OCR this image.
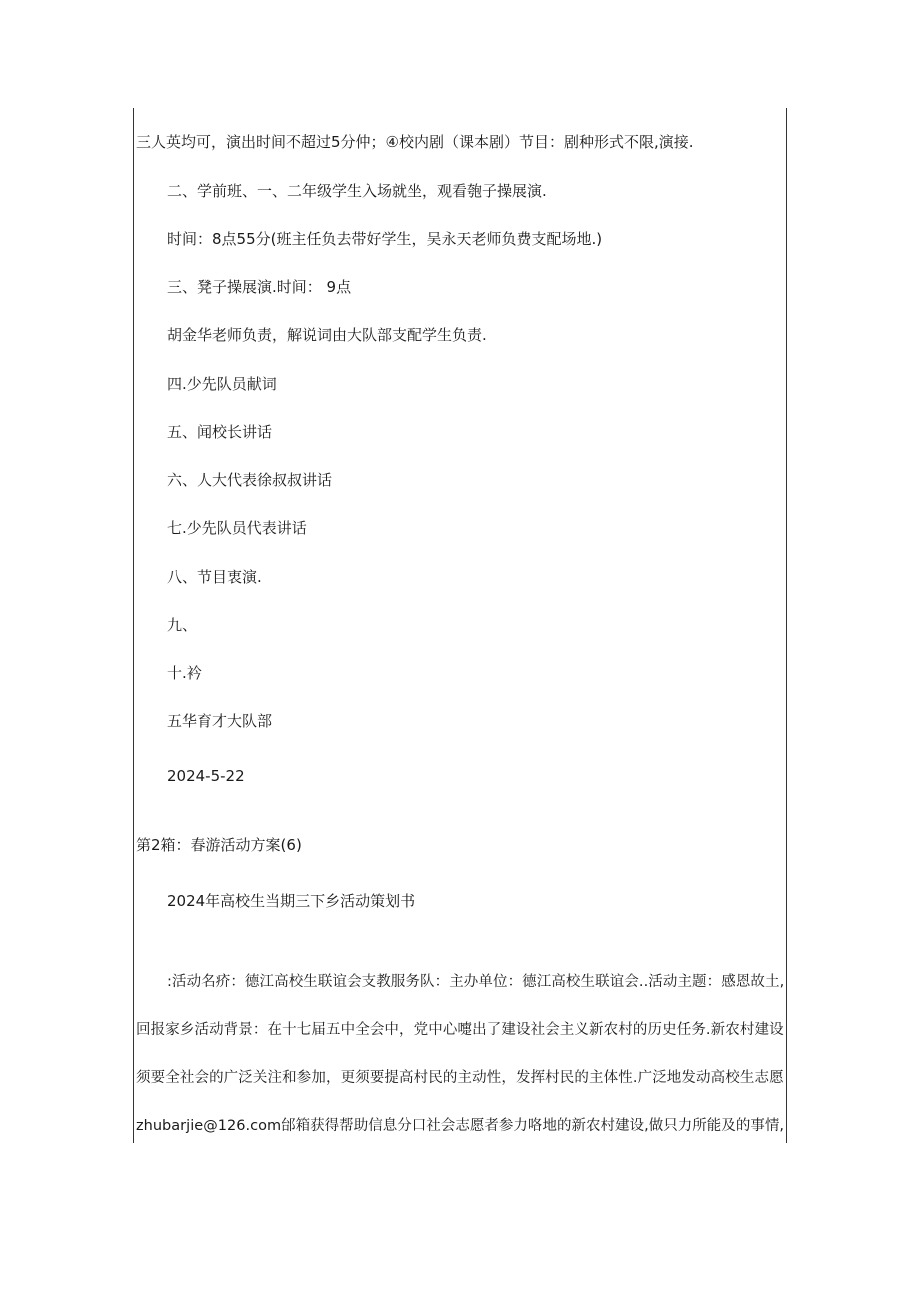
三人英均可，演出时间不超过5分仲；④校内剧（课本剧）节目：剧种形式不限,演接.
二、学前班、一、二年级学生入场就坐，观看匏子操展演.
时间：8点55分(班主任负去带好学生，吴永天老师负费支配场地.)
三、凳子操展演.时间： 9点
胡金华老师负责，解说词由大队部支配学生负责.
四.少先队员献词
五、闻校长讲话
六、人大代表徐叔叔讲话
七.少先队员代表讲话
八、节目衷演.
九、
十.衿
五华育才大队部
2024-5-22
第2箱：春游活动方案(6)
2024年高校生当期三下乡活动策划书
:活动名疥：德江高校生联谊会支教服务队：主办单位：德江高校生联谊会..活动主题：感恩故土,
回报家乡活动背景：在十七届五中全会中，党中心嚏出了建设社会主义新农村的历史任务.新农村建设
须要全社会的广泛关注和参加，更须要提高村民的主动性，发挥村民的主体性.广泛地发动高校生志愿
zhubarjie@126.com邰箱获得帮助信息分口社会志愿者参力咯地的新农村建设,做只力所能及的事情,
